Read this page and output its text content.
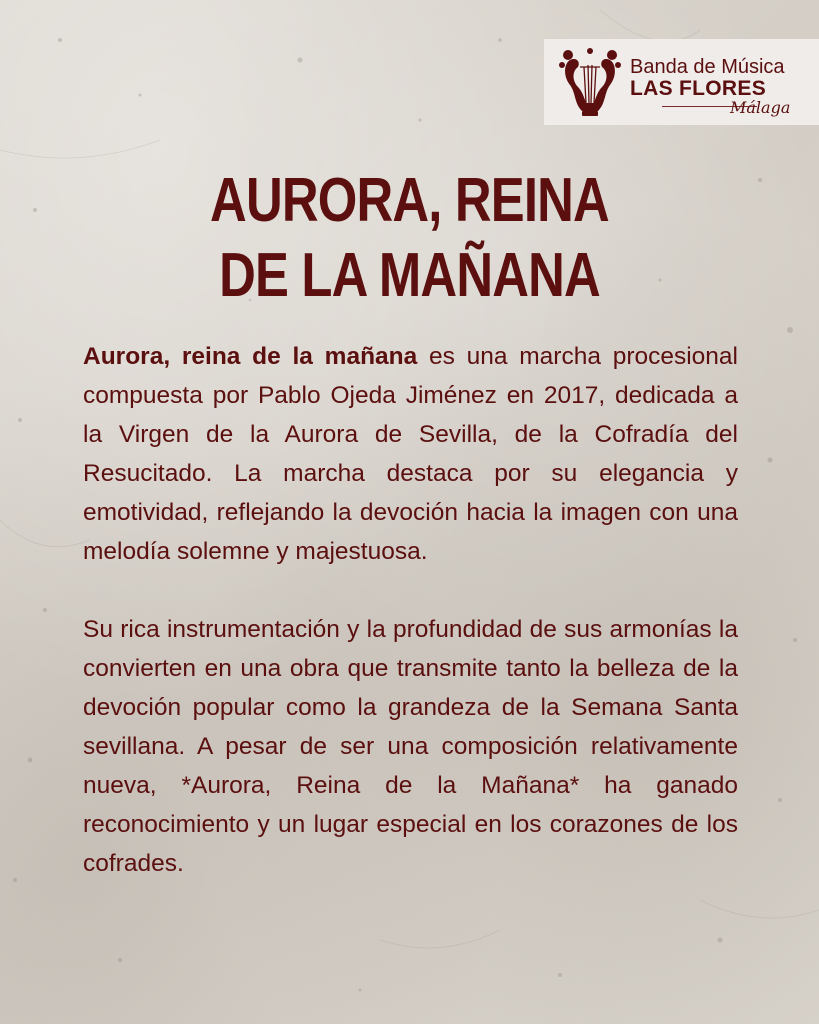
Banda de Música
LAS FLORES
Málaga
AURORA, REINA
DE LA MAÑANA

Aurora, reina de la mañana es una marcha procesional compuesta por Pablo Ojeda Jiménez en 2017, dedicada a la Virgen de la Aurora de Sevilla, de la Cofradía del Resucitado. La marcha destaca por su elegancia y emotividad, reflejando la devoción hacia la imagen con una melodía solemne y majestuosa.

Su rica instrumentación y la profundidad de sus armonías la convierten en una obra que transmite tanto la belleza de la devoción popular como la grandeza de la Semana Santa sevillana. A pesar de ser una composición relativamente nueva, *Aurora, Reina de la Mañana* ha ganado reconocimiento y un lugar especial en los corazones de los cofrades.
